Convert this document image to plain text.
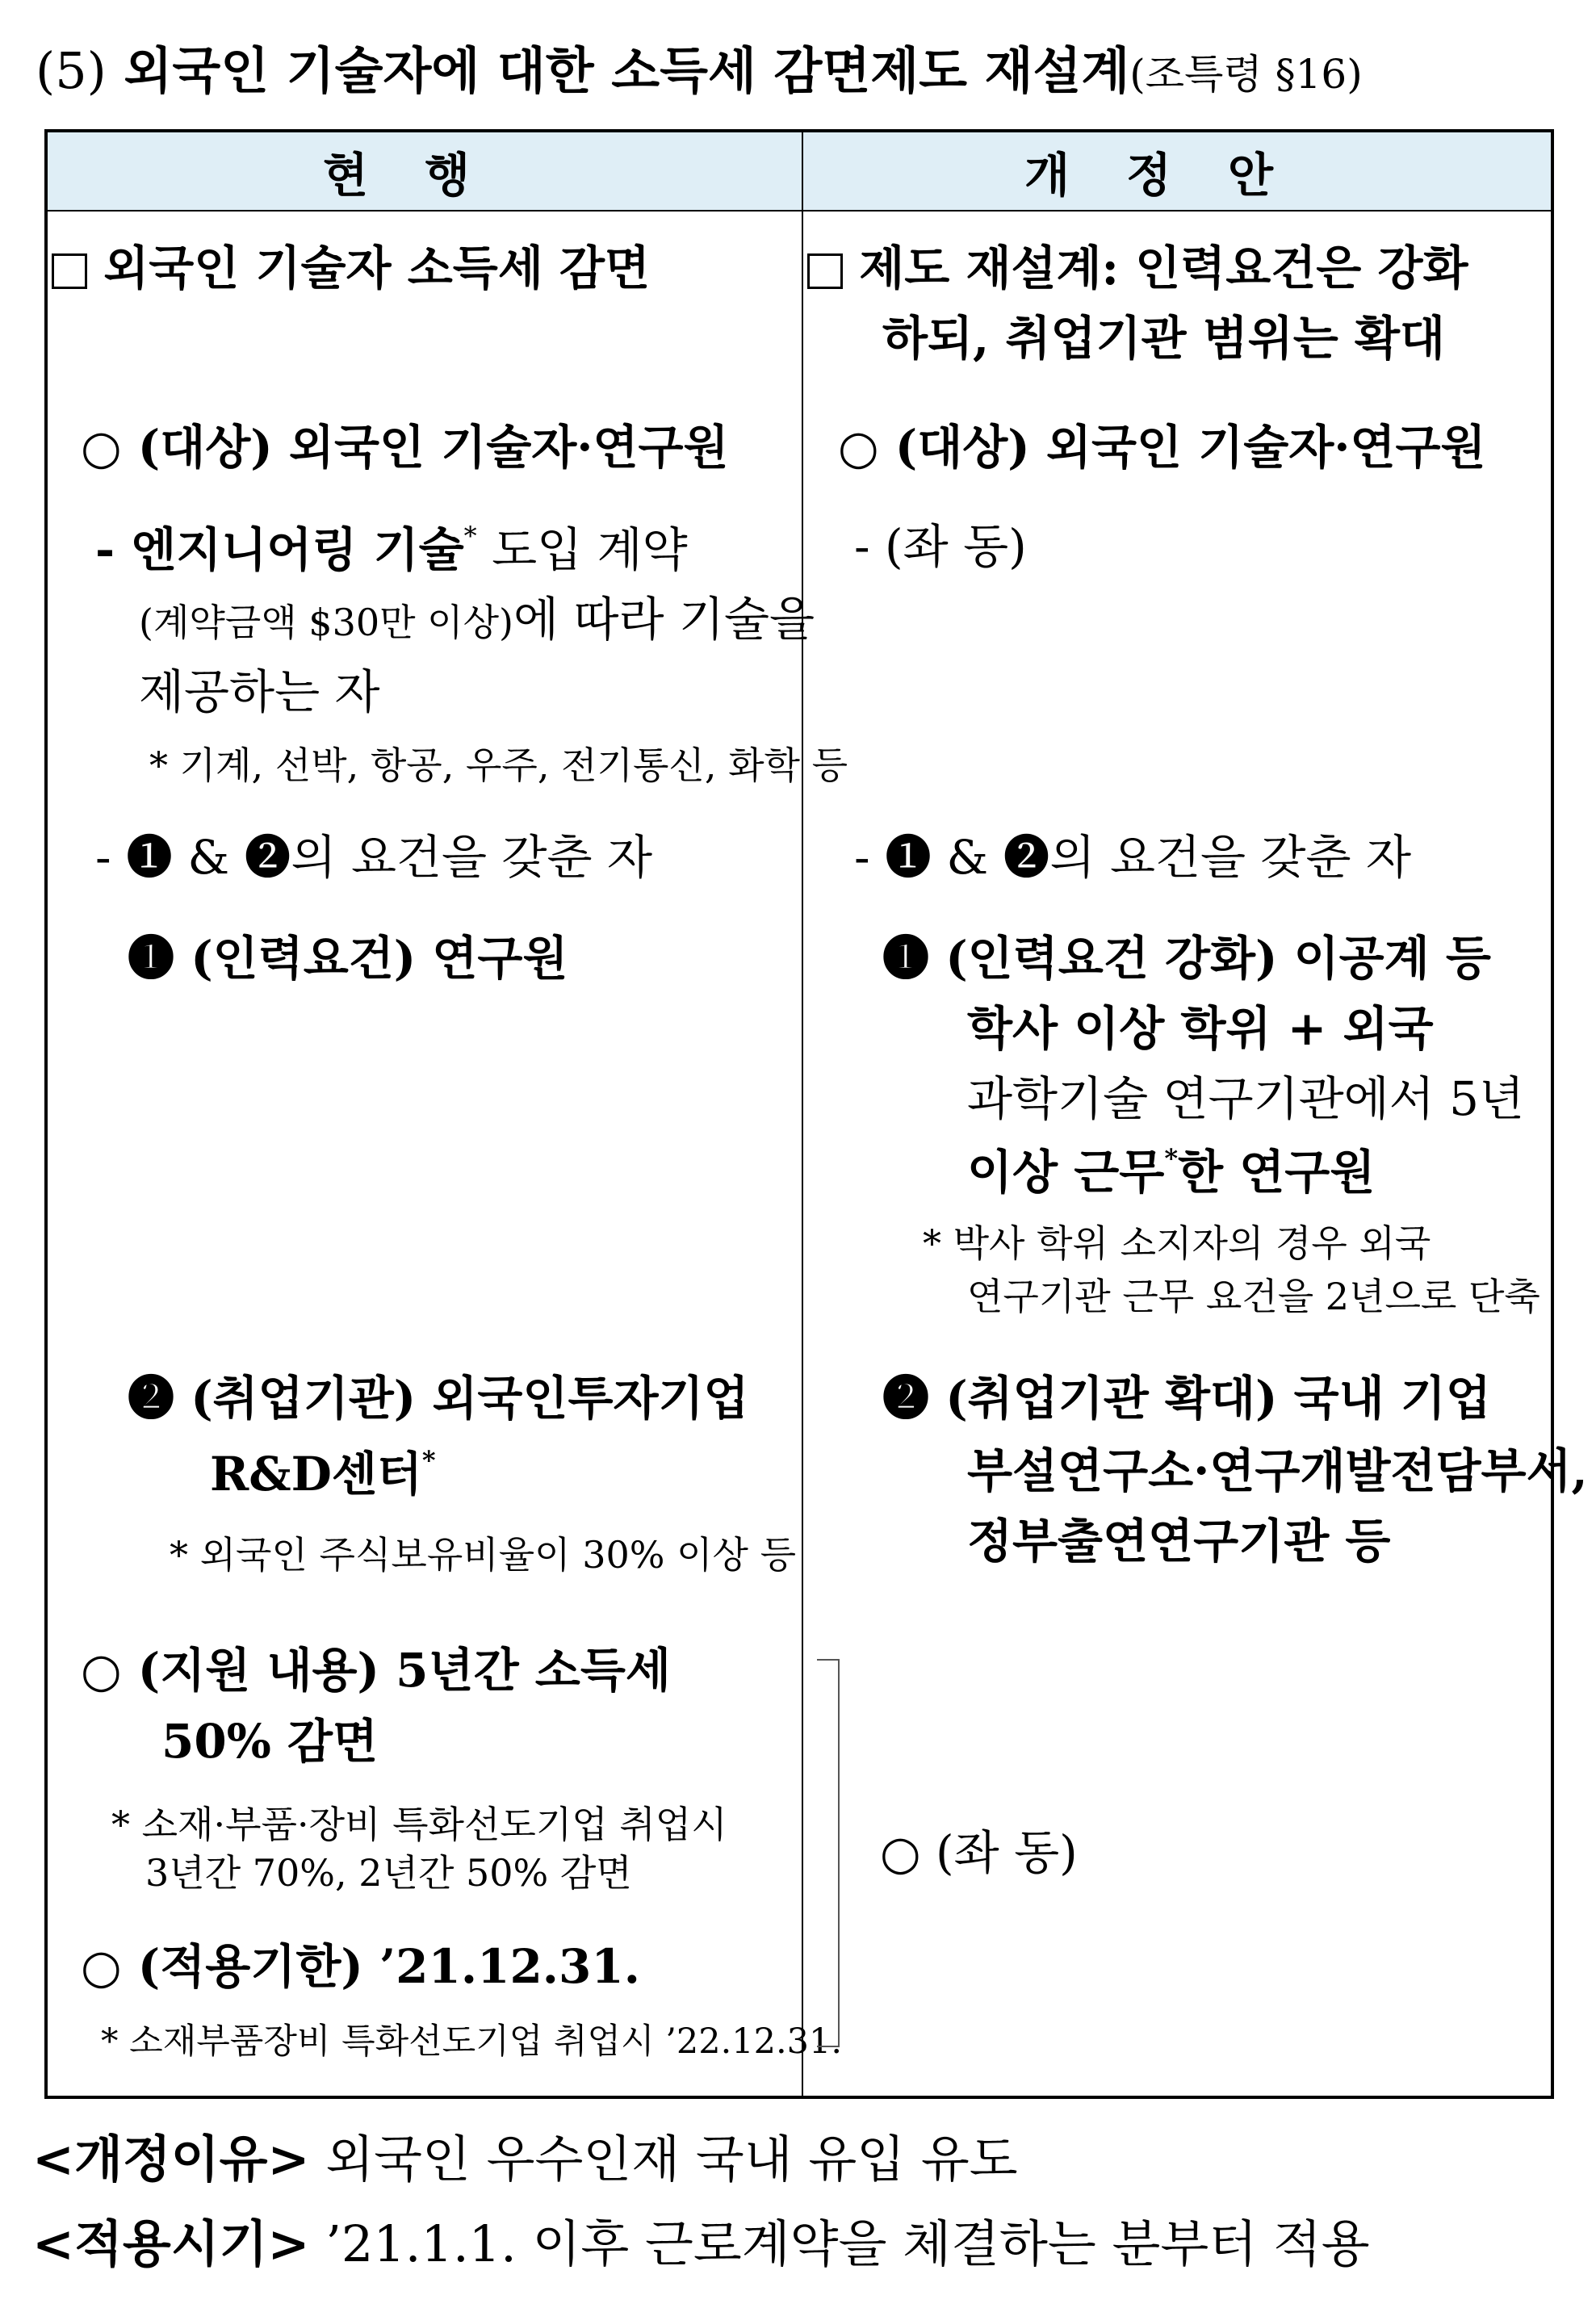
(5) 외국인 기술자에 대한 소득세 감면제도 재설계(조특령 §16)
현행	개정안
외국인 기술자 소득세 감면
○ (대상) 외국인 기술자·연구원
- 엔지니어링 기술* 도입 계약
(계약금액 $30만 이상)에 따라 기술을
제공하는 자
* 기계, 선박, 항공, 우주, 전기통신, 화학 등
- ❶ & ❷의 요건을 갖춘 자
❶ (인력요건) 연구원
❷ (취업기관) 외국인투자기업
R&D센터*
* 외국인 주식보유비율이 30% 이상 등
○ (지원 내용) 5년간 소득세
50% 감면
* 소재·부품·장비 특화선도기업 취업시
3년간 70%, 2년간 50% 감면
○ (적용기한) ’21.12.31.
* 소재부품장비 특화선도기업 취업시 ’22.12.31.
제도 재설계: 인력요건은 강화
하되, 취업기관 범위는 확대
○ (대상) 외국인 기술자·연구원
- (좌 동)
- ❶ & ❷의 요건을 갖춘 자
❶ (인력요건 강화) 이공계 등
학사 이상 학위 + 외국
과학기술 연구기관에서 5년
이상 근무*한 연구원
* 박사 학위 소지자의 경우 외국
연구기관 근무 요건을 2년으로 단축
❷ (취업기관 확대) 국내 기업
부설연구소·연구개발전담부서,
정부출연연구기관 등
○ (좌 동)
<개정이유> 외국인 우수인재 국내 유입 유도
<적용시기> ’21.1.1. 이후 근로계약을 체결하는 분부터 적용
